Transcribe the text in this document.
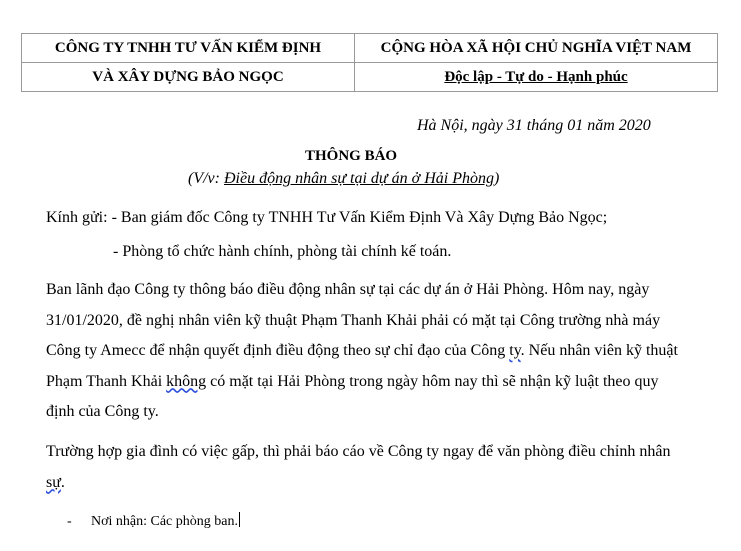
CÔNG TY TNHH TƯ VẤN KIỂM ĐỊNH	CỘNG HÒA XÃ HỘI CHỦ NGHĨA VIỆT NAM
VÀ XÂY DỰNG BẢO NGỌC	Độc lập - Tự do - Hạnh phúc
Hà Nội, ngày 31 tháng 01 năm 2020
THÔNG BÁO
(V/v: Điều động nhân sự tại dự án ở Hải Phòng)
Kính gửi: - Ban giám đốc Công ty TNHH Tư Vấn Kiểm Định Và Xây Dựng Bảo Ngọc;
- Phòng tổ chức hành chính, phòng tài chính kế toán.
Ban lãnh đạo Công ty thông báo điều động nhân sự tại các dự án ở Hải Phòng. Hôm nay, ngày 31/01/2020, đề nghị nhân viên kỹ thuật Phạm Thanh Khải phải có mặt tại Công trường nhà máy Công ty Amecc để nhận quyết định điều động theo sự chỉ đạo của Công ty. Nếu nhân viên kỹ thuật Phạm Thanh Khải không có mặt tại Hải Phòng trong ngày hôm nay thì sẽ nhận kỹ luật theo quy định của Công ty.
Trường hợp gia đình có việc gấp, thì phải báo cáo về Công ty ngay để văn phòng điều chỉnh nhân sự.
- Nơi nhận: Các phòng ban.
